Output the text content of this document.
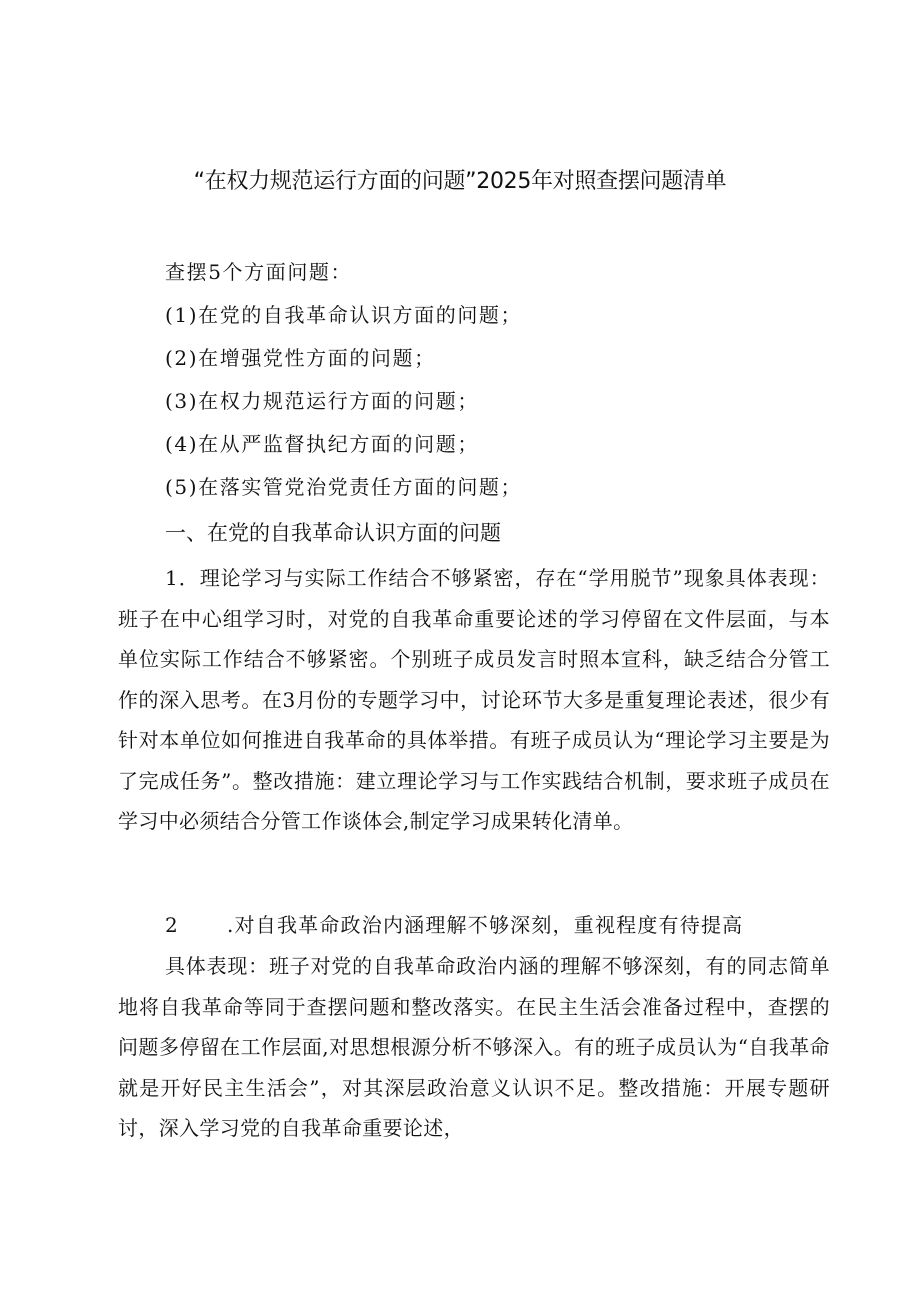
“在权力规范运行方面的问题”2025年对照查摆问题清单
查摆5个方面问题：
(1)在党的自我革命认识方面的问题；
(2)在增强党性方面的问题；
(3)在权力规范运行方面的问题；
(4)在从严监督执纪方面的问题；
(5)在落实管党治党责任方面的问题；
一、在党的自我革命认识方面的问题
1．理论学习与实际工作结合不够紧密，存在“学用脱节”现象具体表现：班子在中心组学习时，对党的自我革命重要论述的学习停留在文件层面，与本单位实际工作结合不够紧密。个别班子成员发言时照本宣科，缺乏结合分管工作的深入思考。在3月份的专题学习中，讨论环节大多是重复理论表述，很少有针对本单位如何推进自我革命的具体举措。有班子成员认为“理论学习主要是为了完成任务”。整改措施：建立理论学习与工作实践结合机制，要求班子成员在学习中必须结合分管工作谈体会,制定学习成果转化清单。
2 .对自我革命政治内涵理解不够深刻，重视程度有待提高
具体表现：班子对党的自我革命政治内涵的理解不够深刻，有的同志简单地将自我革命等同于查摆问题和整改落实。在民主生活会准备过程中，查摆的问题多停留在工作层面,对思想根源分析不够深入。有的班子成员认为“自我革命就是开好民主生活会”，对其深层政治意义认识不足。整改措施：开展专题研讨，深入学习党的自我革命重要论述，
